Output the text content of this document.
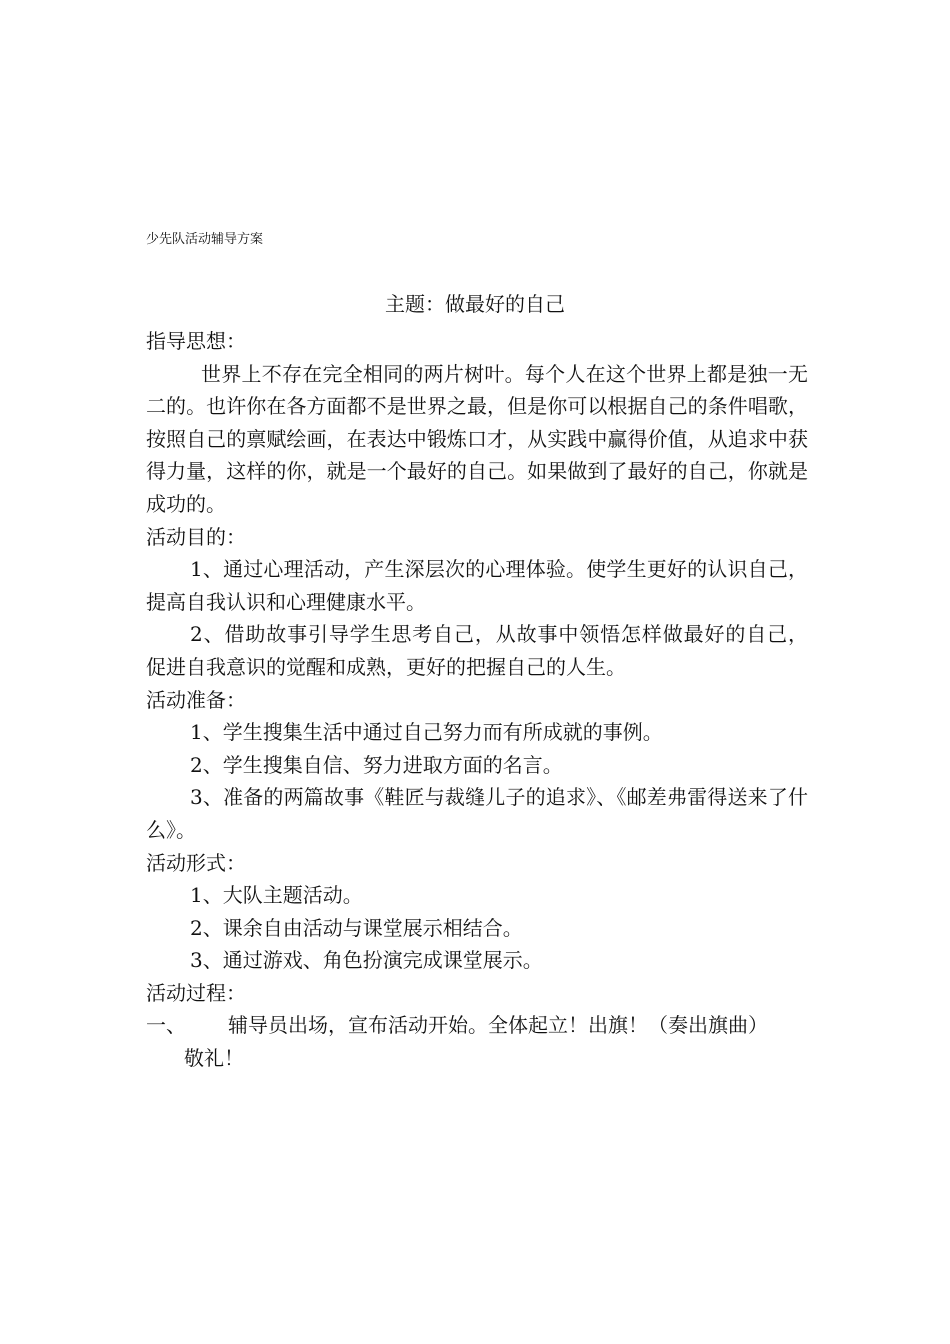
少先队活动辅导方案
主题：做最好的自己

指导思想：

世界上不存在完全相同的两片树叶。每个人在这个世界上都是独一无二的。也许你在各方面都不是世界之最，但是你可以根据自己的条件唱歌，按照自己的禀赋绘画，在表达中锻炼口才，从实践中赢得价值，从追求中获得力量，这样的你，就是一个最好的自己。如果做到了最好的自己，你就是成功的。

活动目的：

1、通过心理活动，产生深层次的心理体验。使学生更好的认识自己，提高自我认识和心理健康水平。

2、借助故事引导学生思考自己，从故事中领悟怎样做最好的自己， 促进自我意识的觉醒和成熟，更好的把握自己的人生。

活动准备：

1、学生搜集生活中通过自己努力而有所成就的事例。

2、学生搜集自信、努力进取方面的名言。

3、准备的两篇故事《鞋匠与裁缝儿子的追求》、《邮差弗雷得送来了什么》。

活动形式：

1、大队主题活动。

2、课余自由活动与课堂展示相结合。

3、通过游戏、角色扮演完成课堂展示。

活动过程：

一、	辅导员出场，宣布活动开始。全体起立！出旗！（奏出旗曲）

敬礼！
